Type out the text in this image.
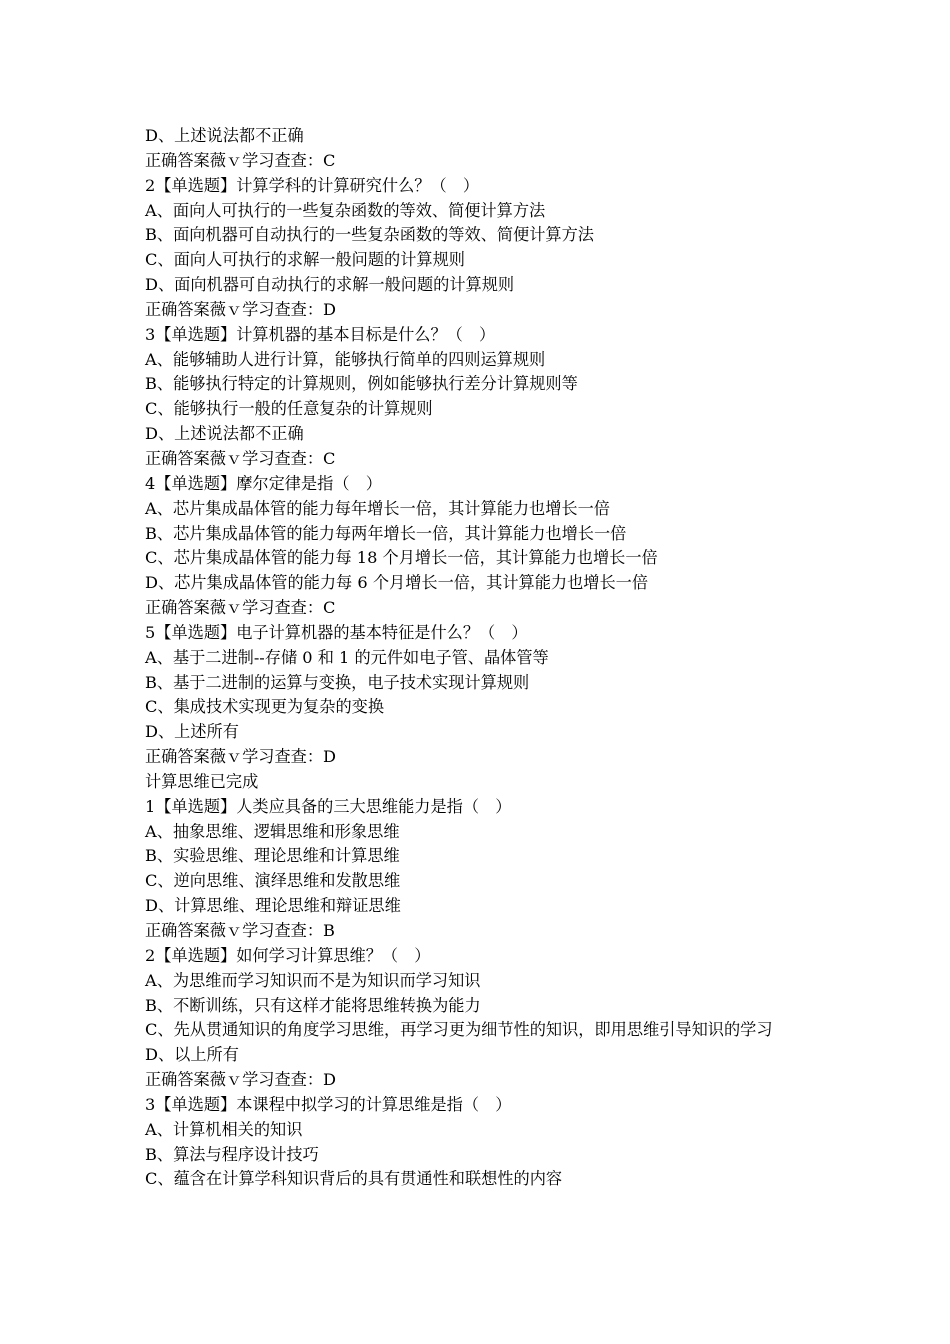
D、上述说法都不正确
正确答案薇ｖ学习查查：C
2【单选题】计算学科的计算研究什么？（　）
A、面向人可执行的一些复杂函数的等效、简便计算方法
B、面向机器可自动执行的一些复杂函数的等效、简便计算方法
C、面向人可执行的求解一般问题的计算规则
D、面向机器可自动执行的求解一般问题的计算规则
正确答案薇ｖ学习查查：D
3【单选题】计算机器的基本目标是什么？（　）
A、能够辅助人进行计算，能够执行简单的四则运算规则
B、能够执行特定的计算规则，例如能够执行差分计算规则等
C、能够执行一般的任意复杂的计算规则
D、上述说法都不正确
正确答案薇ｖ学习查查：C
4【单选题】摩尔定律是指（　）
A、芯片集成晶体管的能力每年增长一倍，其计算能力也增长一倍
B、芯片集成晶体管的能力每两年增长一倍，其计算能力也增长一倍
C、芯片集成晶体管的能力每 18 个月增长一倍，其计算能力也增长一倍
D、芯片集成晶体管的能力每 6 个月增长一倍，其计算能力也增长一倍
正确答案薇ｖ学习查查：C
5【单选题】电子计算机器的基本特征是什么？（　）
A、基于二进制--存储 0 和 1 的元件如电子管、晶体管等
B、基于二进制的运算与变换，电子技术实现计算规则
C、集成技术实现更为复杂的变换
D、上述所有
正确答案薇ｖ学习查查：D
计算思维已完成
1【单选题】人类应具备的三大思维能力是指（　）
A、抽象思维、逻辑思维和形象思维
B、实验思维、理论思维和计算思维
C、逆向思维、演绎思维和发散思维
D、计算思维、理论思维和辩证思维
正确答案薇ｖ学习查查：B
2【单选题】如何学习计算思维？（　）
A、为思维而学习知识而不是为知识而学习知识
B、不断训练，只有这样才能将思维转换为能力
C、先从贯通知识的角度学习思维，再学习更为细节性的知识，即用思维引导知识的学习
D、以上所有
正确答案薇ｖ学习查查：D
3【单选题】本课程中拟学习的计算思维是指（　）
A、计算机相关的知识
B、算法与程序设计技巧
C、蕴含在计算学科知识背后的具有贯通性和联想性的内容
